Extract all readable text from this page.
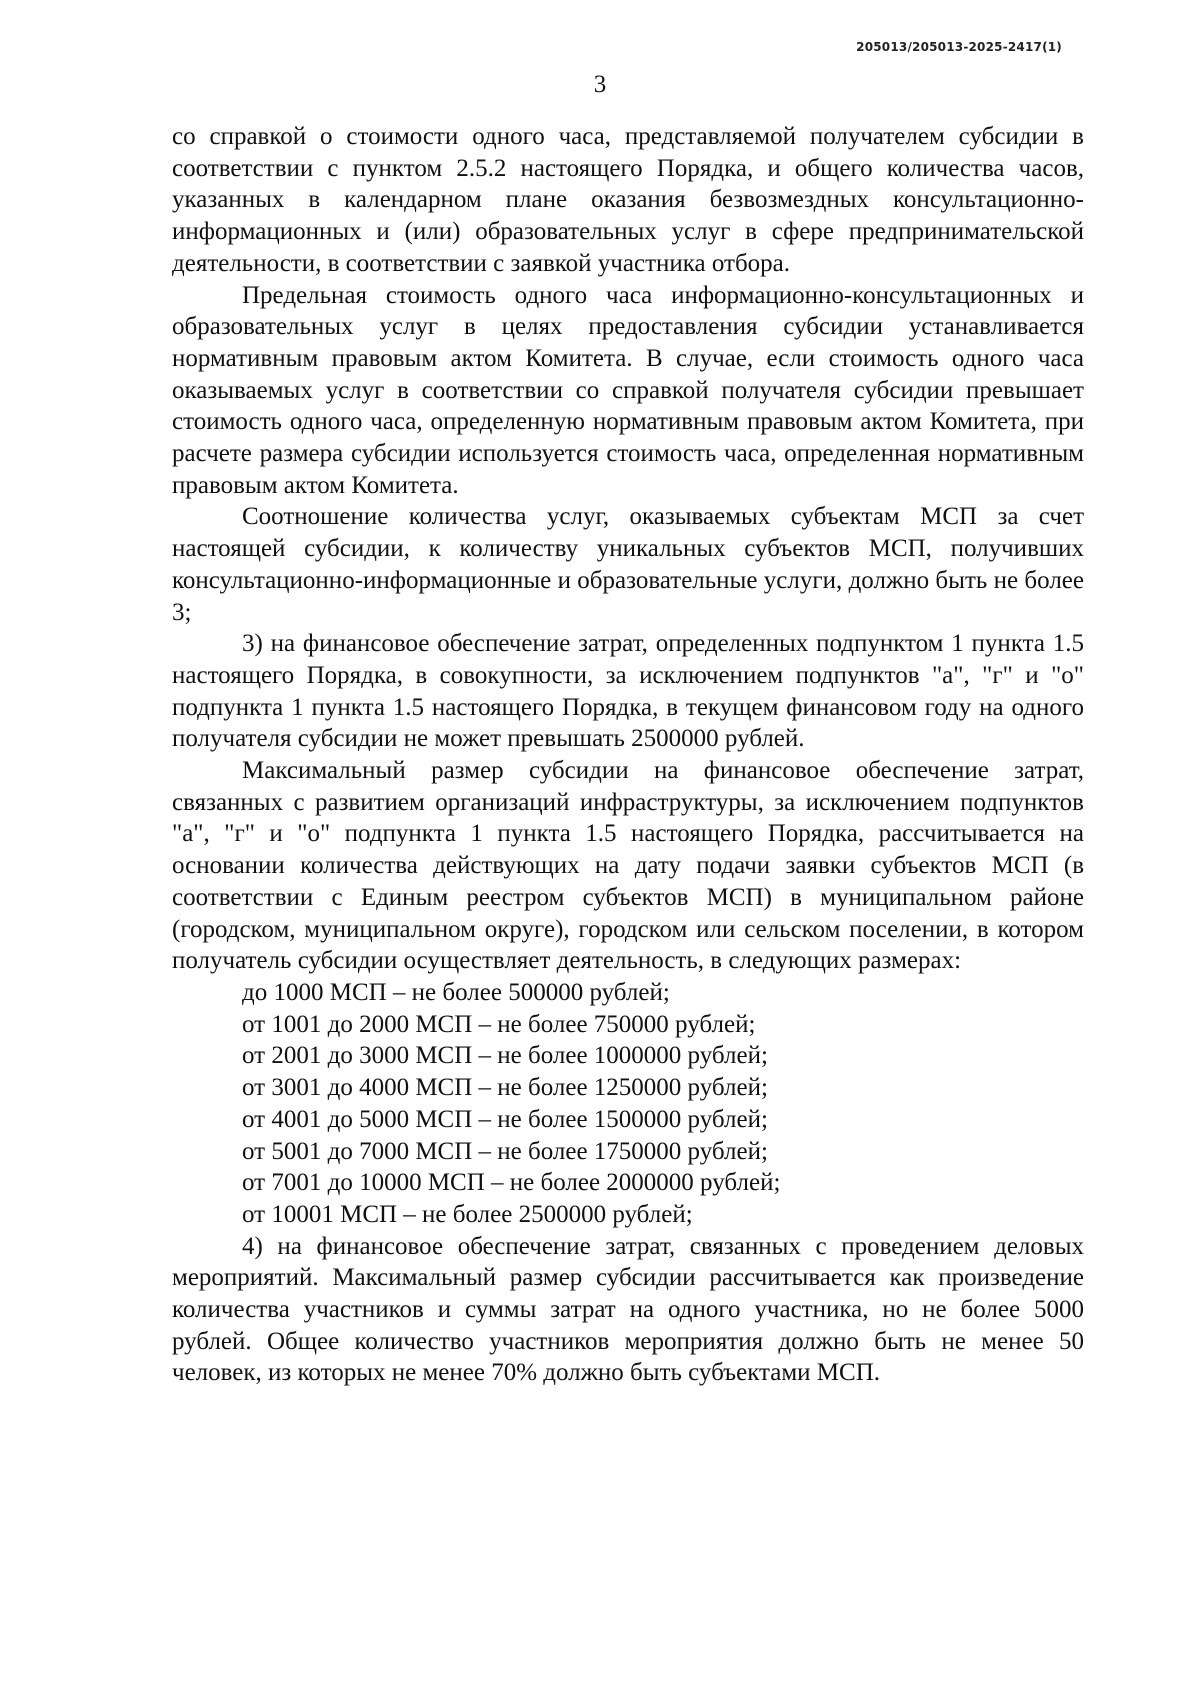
205013/205013-2025-2417(1)
3

со справкой о стоимости одного часа, представляемой получателем субсидии в соответствии с пунктом 2.5.2 настоящего Порядка, и общего количества часов, указанных в календарном плане оказания безвозмездных консультационно-информационных и (или) образовательных услуг в сфере предпринимательской деятельности, в соответствии с заявкой участника отбора.

Предельная стоимость одного часа информационно-консультационных и образовательных услуг в целях предоставления субсидии устанавливается нормативным правовым актом Комитета. В случае, если стоимость одного часа оказываемых услуг в соответствии со справкой получателя субсидии превышает стоимость одного часа, определенную нормативным правовым актом Комитета, при расчете размера субсидии используется стоимость часа, определенная нормативным правовым актом Комитета.

Соотношение количества услуг, оказываемых субъектам МСП за счет настоящей субсидии, к количеству уникальных субъектов МСП, получивших консультационно-информационные и образовательные услуги, должно быть не более 3;

3) на финансовое обеспечение затрат, определенных подпунктом 1 пункта 1.5 настоящего Порядка, в совокупности, за исключением подпунктов "а", "г" и "о" подпункта 1 пункта 1.5 настоящего Порядка, в текущем финансовом году на одного получателя субсидии не может превышать 2500000 рублей.

Максимальный размер субсидии на финансовое обеспечение затрат, связанных с развитием организаций инфраструктуры, за исключением подпунктов "а", "г" и "о" подпункта 1 пункта 1.5 настоящего Порядка, рассчитывается на основании количества действующих на дату подачи заявки субъектов МСП (в соответствии с Единым реестром субъектов МСП) в муниципальном районе (городском, муниципальном округе), городском или сельском поселении, в котором получатель субсидии осуществляет деятельность, в следующих размерах:

до 1000 МСП – не более 500000 рублей;

от 1001 до 2000 МСП – не более 750000 рублей;

от 2001 до 3000 МСП – не более 1000000 рублей;

от 3001 до 4000 МСП – не более 1250000 рублей;

от 4001 до 5000 МСП – не более 1500000 рублей;

от 5001 до 7000 МСП – не более 1750000 рублей;

от 7001 до 10000 МСП – не более 2000000 рублей;

от 10001 МСП – не более 2500000 рублей;

4) на финансовое обеспечение затрат, связанных с проведением деловых мероприятий. Максимальный размер субсидии рассчитывается как произведение количества участников и суммы затрат на одного участника, но не более 5000 рублей. Общее количество участников мероприятия должно быть не менее 50 человек, из которых не менее 70% должно быть субъектами МСП.
